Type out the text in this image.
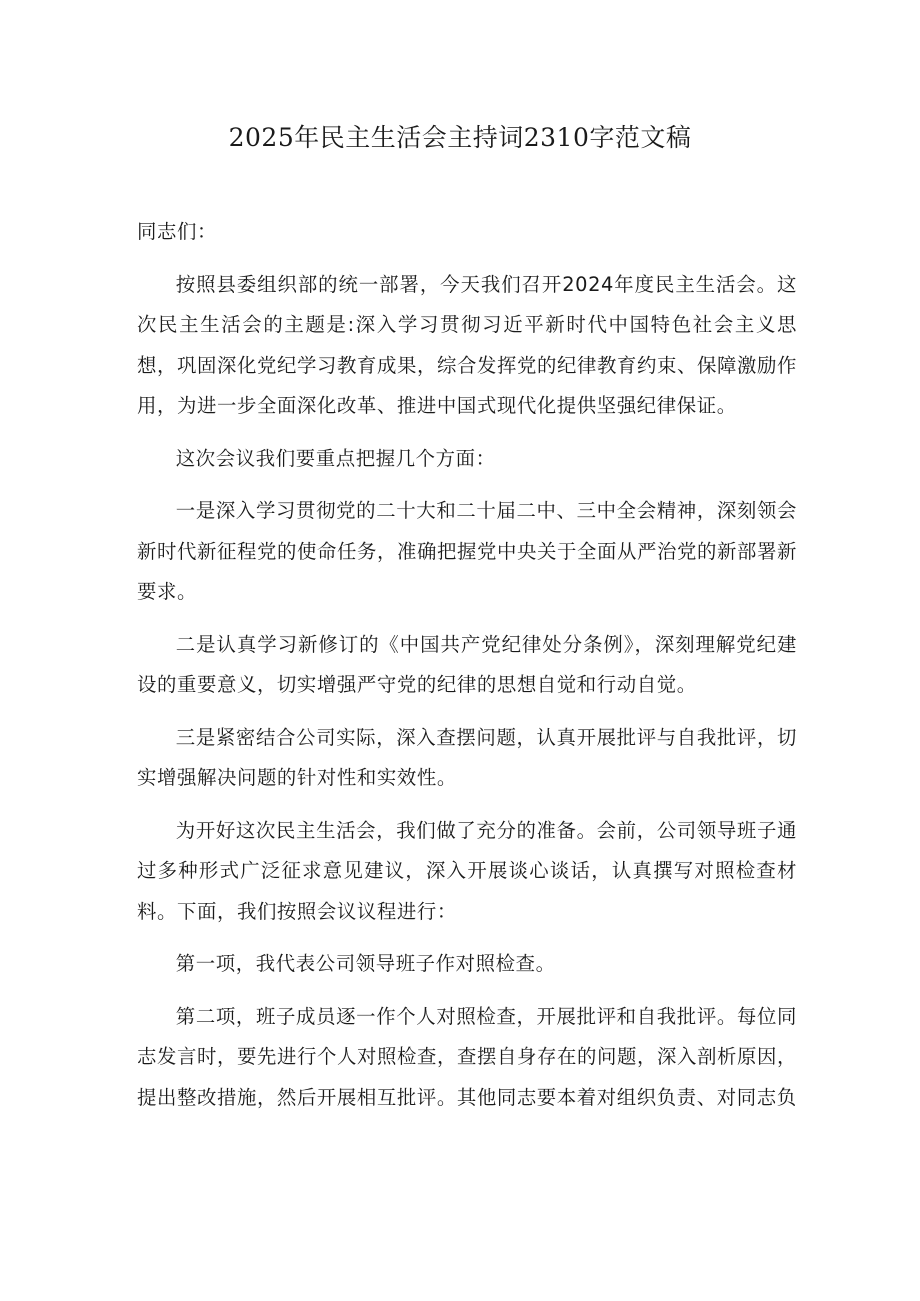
2025年民主生活会主持词2310字范文稿

同志们：

按照县委组织部的统一部署，今天我们召开2024年度民主生活会。这次民主生活会的主题是:深入学习贯彻习近平新时代中国特色社会主义思想，巩固深化党纪学习教育成果，综合发挥党的纪律教育约束、保障激励作用，为进一步全面深化改革、推进中国式现代化提供坚强纪律保证。

这次会议我们要重点把握几个方面：

一是深入学习贯彻党的二十大和二十届二中、三中全会精神，深刻领会新时代新征程党的使命任务，准确把握党中央关于全面从严治党的新部署新要求。

二是认真学习新修订的《中国共产党纪律处分条例》，深刻理解党纪建设的重要意义，切实增强严守党的纪律的思想自觉和行动自觉。

三是紧密结合公司实际，深入查摆问题，认真开展批评与自我批评，切实增强解决问题的针对性和实效性。

为开好这次民主生活会，我们做了充分的准备。会前，公司领导班子通过多种形式广泛征求意见建议，深入开展谈心谈话，认真撰写对照检查材料。下面，我们按照会议议程进行：

第一项，我代表公司领导班子作对照检查。

第二项，班子成员逐一作个人对照检查，开展批评和自我批评。每位同志发言时，要先进行个人对照检查，查摆自身存在的问题，深入剖析原因，提出整改措施，然后开展相互批评。其他同志要本着对组织负责、对同志负
